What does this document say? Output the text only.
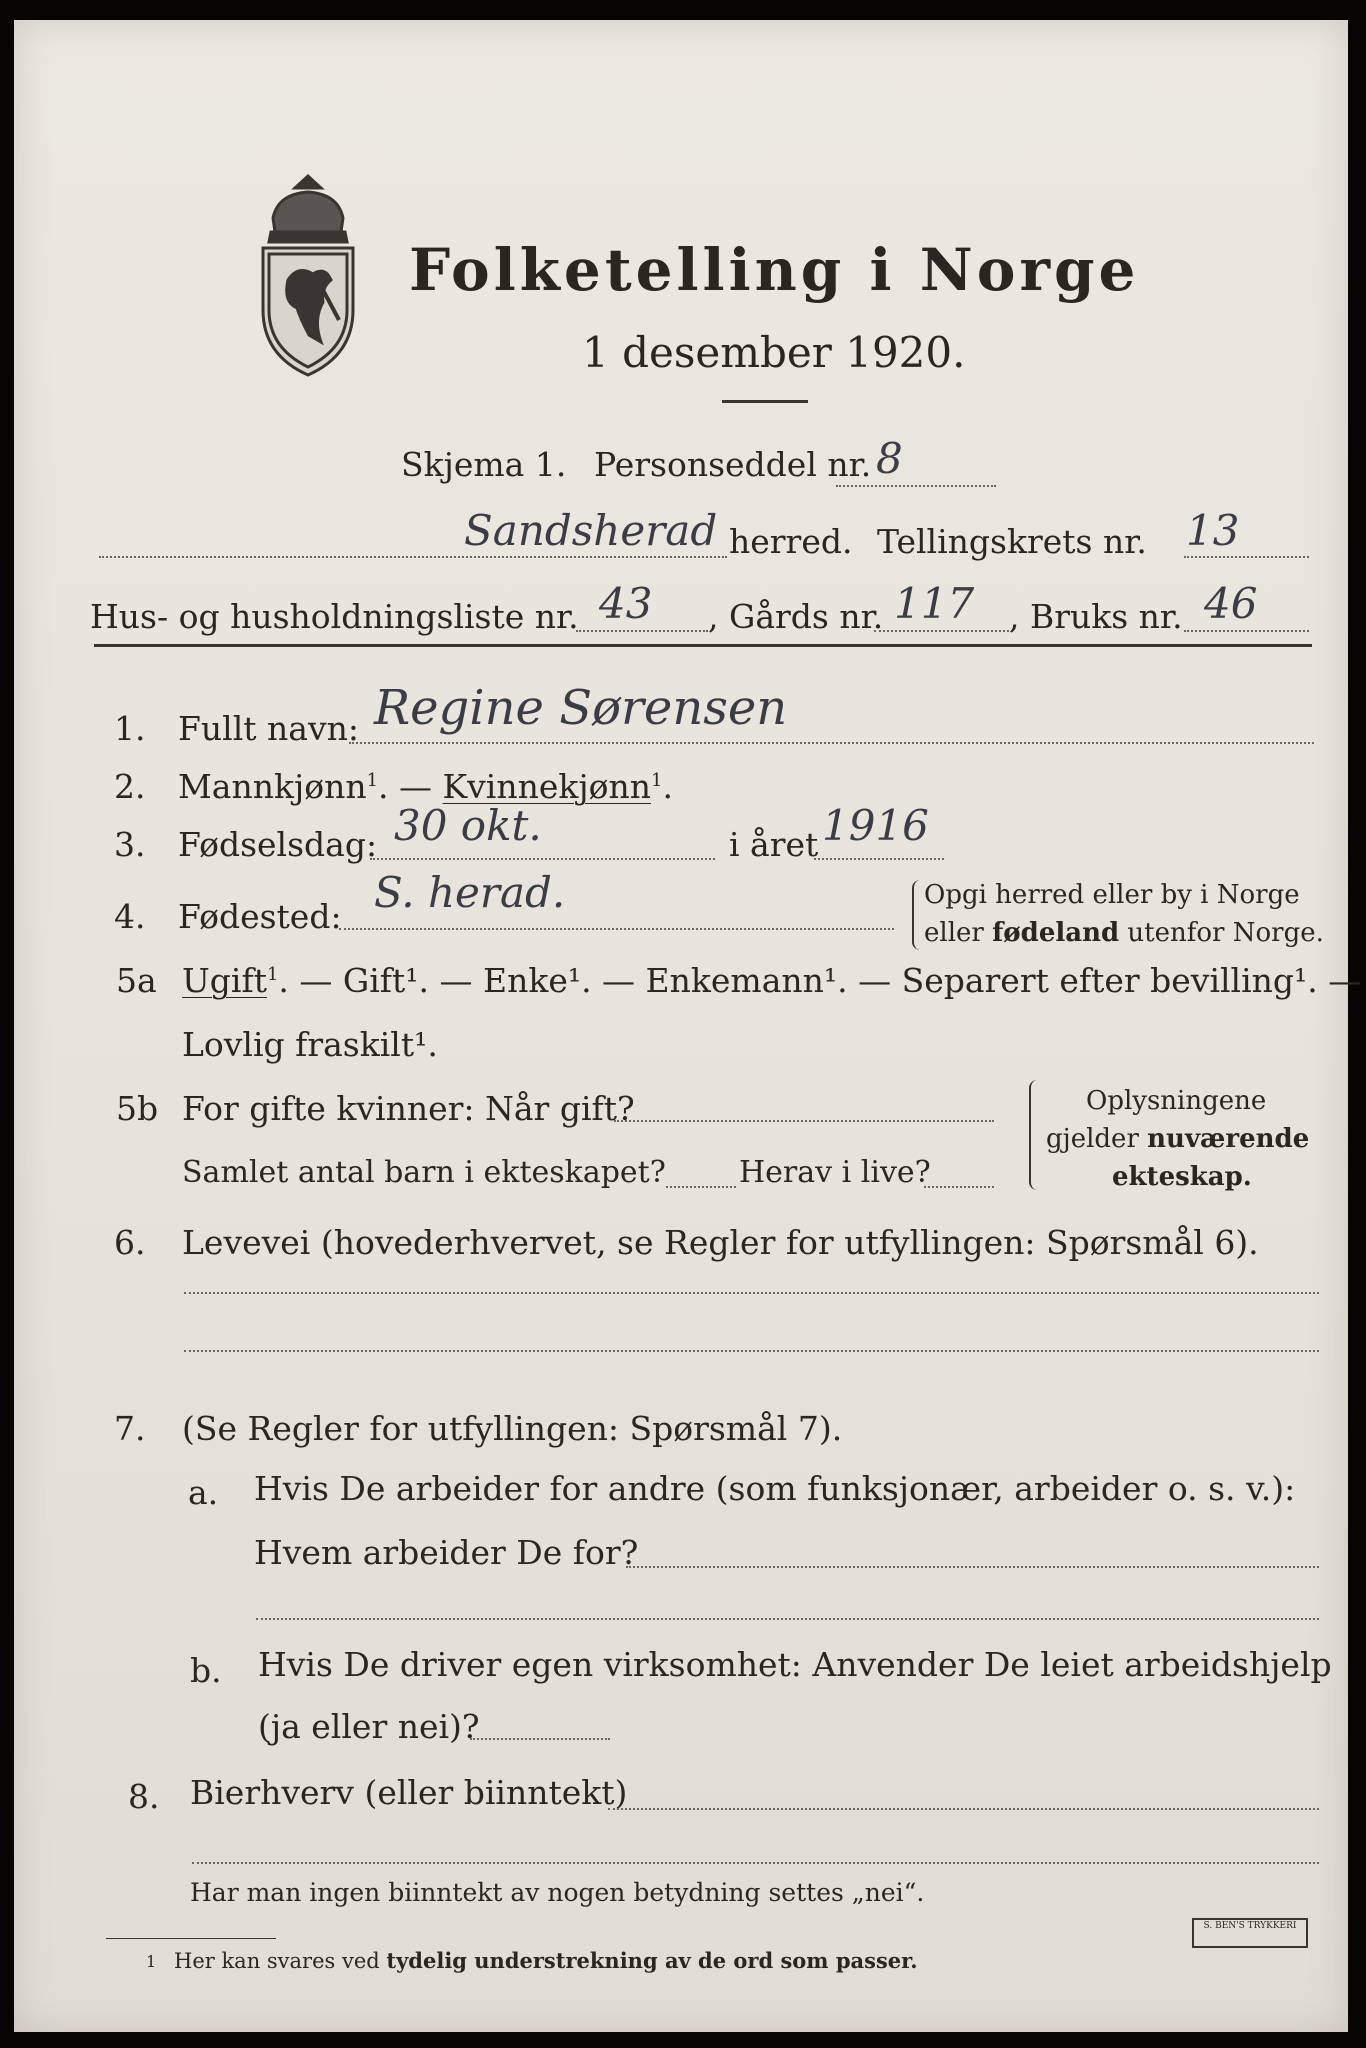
Folketelling i Norge
1 desember 1920.
Skjema 1. Personseddel nr. 8
Sandsherad herred. Tellingskrets nr. 13
Hus- og husholdningsliste nr. 43 , Gårds nr. 117 , Bruks nr. 46
1. Fullt navn: Regine Sørensen
2. Mannkjønn$^1$. — Kvinnekjønn$^1$.
3. Fødselsdag: 30 okt.	i året 1916
4. Fødested: S. herad.	Opgi herred eller by i Norge
eller fødeland utenfor Norge.
5a Ugift$^1$. — Gift¹. — Enke¹. — Enkemann¹. — Separert efter bevilling¹. —
Lovlig fraskilt¹.
5b For gifte kvinner: Når gift?
Samlet antal barn i ekteskapet? Herav i live?
Oplysningene
gjelder nuværende
ekteskap.
6. Levevei (hovederhvervet, se Regler for utfyllingen: Spørsmål 6).
7. (Se Regler for utfyllingen: Spørsmål 7).
a. Hvis De arbeider for andre (som funksjonær, arbeider o. s. v.):
Hvem arbeider De for?
b. Hvis De driver egen virksomhet: Anvender De leiet arbeidshjelp
(ja eller nei)?
8. Bierhverv (eller biinntekt)
Har man ingen biinntekt av nogen betydning settes „nei“.
1 Her kan svares ved tydelig understrekning av de ord som passer.
S. BEN'S TRYKKERI
